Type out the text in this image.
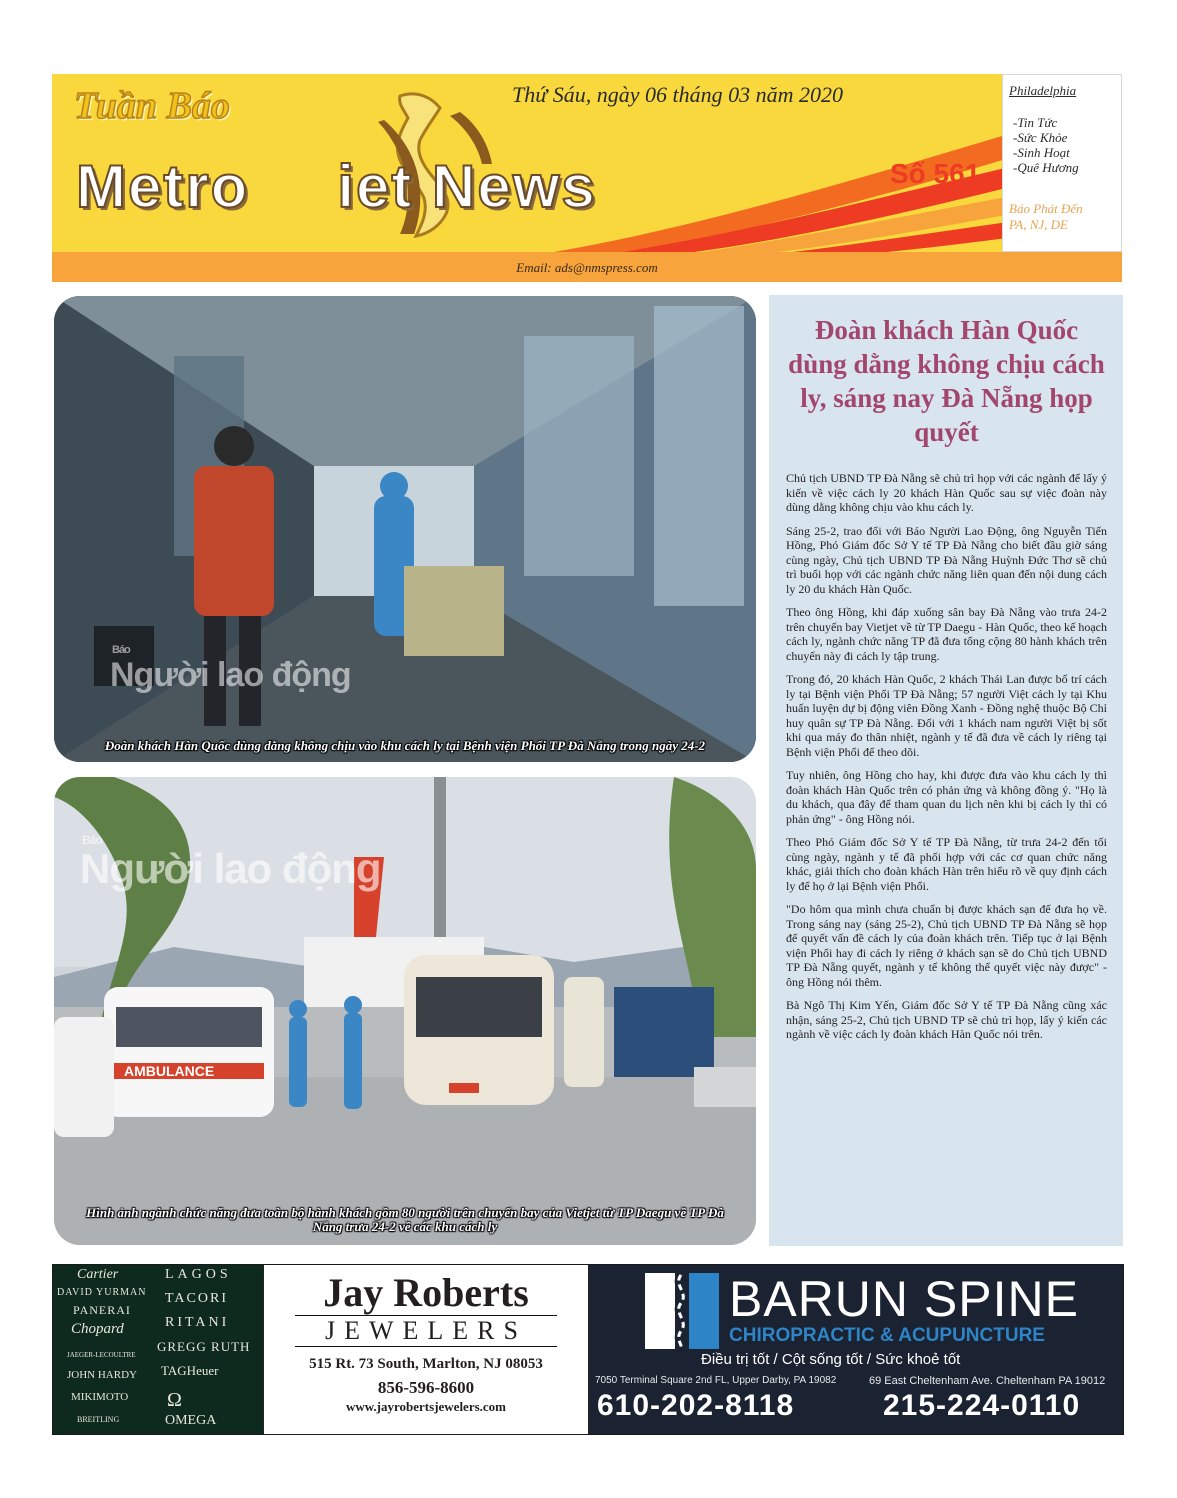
Tuần Báo	Thứ Sáu, ngày 06 tháng 03 năm 2020
Metro iet News	Số 561
Philadelphia
-Tin Tức
-Sức Khỏe
-Sinh Hoạt
-Quê Hương
Báo Phát Đến
PA, NJ, DE
Email: ads@nmspress.com
Báo
Người lao động
Đoàn khách Hàn Quốc dùng dằng không chịu vào khu cách ly tại Bệnh viện Phổi TP Đà Nẵng trong ngày 24-2
AMBULANCE
Báo
Người lao động
Hình ảnh ngành chức năng đưa toàn bộ hành khách gồm 80 người trên chuyến bay của Vietjet từ TP Daegu về TP Đà Nẵng trưa 24-2 về các khu cách ly
Đoàn khách Hàn Quốc dùng dằng không chịu cách ly, sáng nay Đà Nẵng họp quyết

Chủ tịch UBND TP Đà Nẵng sẽ chủ trì họp với các ngành để lấy ý kiến về việc cách ly 20 khách Hàn Quốc sau sự việc đoàn này dùng dằng không chịu vào khu cách ly.

Sáng 25-2, trao đổi với Báo Người Lao Động, ông Nguyễn Tiến Hồng, Phó Giám đốc Sở Y tế TP Đà Nẵng cho biết đầu giờ sáng cùng ngày, Chủ tịch UBND TP Đà Nẵng Huỳnh Đức Thơ sẽ chủ trì buổi họp với các ngành chức năng liên quan đến nội dung cách ly 20 du khách Hàn Quốc.

Theo ông Hồng, khi đáp xuống sân bay Đà Nẵng vào trưa 24-2 trên chuyến bay Vietjet về từ TP Daegu - Hàn Quốc, theo kế hoạch cách ly, ngành chức năng TP đã đưa tổng cộng 80 hành khách trên chuyến này đi cách ly tập trung.

Trong đó, 20 khách Hàn Quốc, 2 khách Thái Lan được bố trí cách ly tại Bệnh viện Phổi TP Đà Nẵng; 57 người Việt cách ly tại Khu huấn luyện dự bị động viên Đồng Xanh - Đồng nghệ thuộc Bộ Chỉ huy quân sự TP Đà Nẵng. Đối với 1 khách nam người Việt bị sốt khi qua máy đo thân nhiệt, ngành y tế đã đưa về cách ly riêng tại Bệnh viện Phổi để theo dõi.

Tuy nhiên, ông Hồng cho hay, khi được đưa vào khu cách ly thì đoàn khách Hàn Quốc trên có phản ứng và không đồng ý. "Họ là du khách, qua đây để tham quan du lịch nên khi bị cách ly thì có phản ứng" - ông Hồng nói.

Theo Phó Giám đốc Sở Y tế TP Đà Nẵng, từ trưa 24-2 đến tối cùng ngày, ngành y tế đã phối hợp với các cơ quan chức năng khác, giải thích cho đoàn khách Hàn trên hiểu rõ về quy định cách ly để họ ở lại Bệnh viện Phổi.

"Do hôm qua mình chưa chuẩn bị được khách sạn để đưa họ về. Trong sáng nay (sáng 25-2), Chủ tịch UBND TP Đà Nẵng sẽ họp để quyết vấn đề cách ly của đoàn khách trên. Tiếp tục ở lại Bệnh viện Phổi hay đi cách ly riêng ở khách sạn sẽ do Chủ tịch UBND TP Đà Nẵng quyết, ngành y tế không thể quyết việc này được" - ông Hồng nói thêm.

Bà Ngô Thị Kim Yến, Giám đốc Sở Y tế TP Đà Nẵng cũng xác nhận, sáng 25-2, Chủ tịch UBND TP sẽ chủ trì họp, lấy ý kiến các ngành về việc cách ly đoàn khách Hàn Quốc nói trên.

Cartier
DAVID YURMAN
PANERAI
Chopard
JAEGER-LECOULTRE
JOHN HARDY
MIKIMOTO
BREITLING
LAGOS
TACORI
RITANI
GREGG RUTH
TAGHeuer
Ω
OMEGA
Jay Roberts
JEWELERS
515 Rt. 73 South, Marlton, NJ 08053
856-596-8600
www.jayrobertsjewelers.com
BARUN SPINE
CHIROPRACTIC & ACUPUNCTURE
Điều trị tốt / Cột sống tốt / Sức khoẻ tốt
7050 Terminal Square 2nd FL, Upper Darby, PA 19082	69 East Cheltenham Ave. Cheltenham PA 19012
610-202-8118	215-224-0110
